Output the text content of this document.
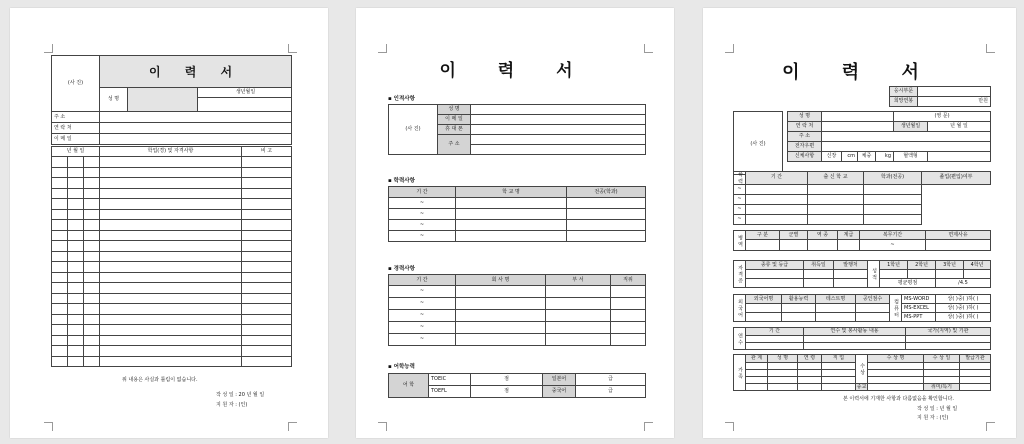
(사 진)	이 력 서		
	성 명		생년월일

주 소	
연 락 처	
이 메 일	
년 월 일			학업(경) 및 자격사항	비 고

위 내용은 사실과 틀림이 없습니다.
작 성 일 : 20 년 월 일
지 원 자 : (인)
이 력 서
▪ 인적사항
(사 진)	성 명	
	이 메 일	
	휴 대 폰	
	주 소	

▪ 학력사항
기 간	학 교 명	전공(학과)
~		
~		
~		
~		
▪ 경력사항
기 간	회 사 명	부 서	직위
~			
~			
~			
~			
~			
▪ 어학능력
어 학	TOEIC	점	일본어	급
	TOEFL	점	중국어	급
이 력 서
응시부문	
희망연봉	만원
(사 진)
성 명					(영 문)	
연 락 처					생년월일	년 월 일
주 소						
전자우편						
신체사항	신장	cm	체중	kg	혈액형	
학 력	기 간	출 신 학 교	학과(전공)	졸업(편입)여부
~				
~				
~				
~				
병 역	구 분	군별	역 종	계급	복무기간	면제사유
					~	
자 격 증	종류 및 등급	취득일	발행처	성 적	1학년	2학년	3학년	4학년

					평균평점		/4.5	
외 국 어	외국어명	활용능력	테스트명	공인점수	컴 퓨 터	MS-WORD	상( )중( )하( )
						MS-EXCEL	상( )중( )하( )
						MS-PPT	상( )중( )하( )
연 수	기 간	연수 및 봉사활동 내용	국가(지역) 및 기관

가 족	관 계	성 명	연 령	직 업	수 상	수 상 명	수 상 일	발급기관

					종교		취미/특기	
본 이력서에 기재한 사항과 다름없음을 확인합니다.
작 성 일 : 년 월 일
지 원 자 : (인)
